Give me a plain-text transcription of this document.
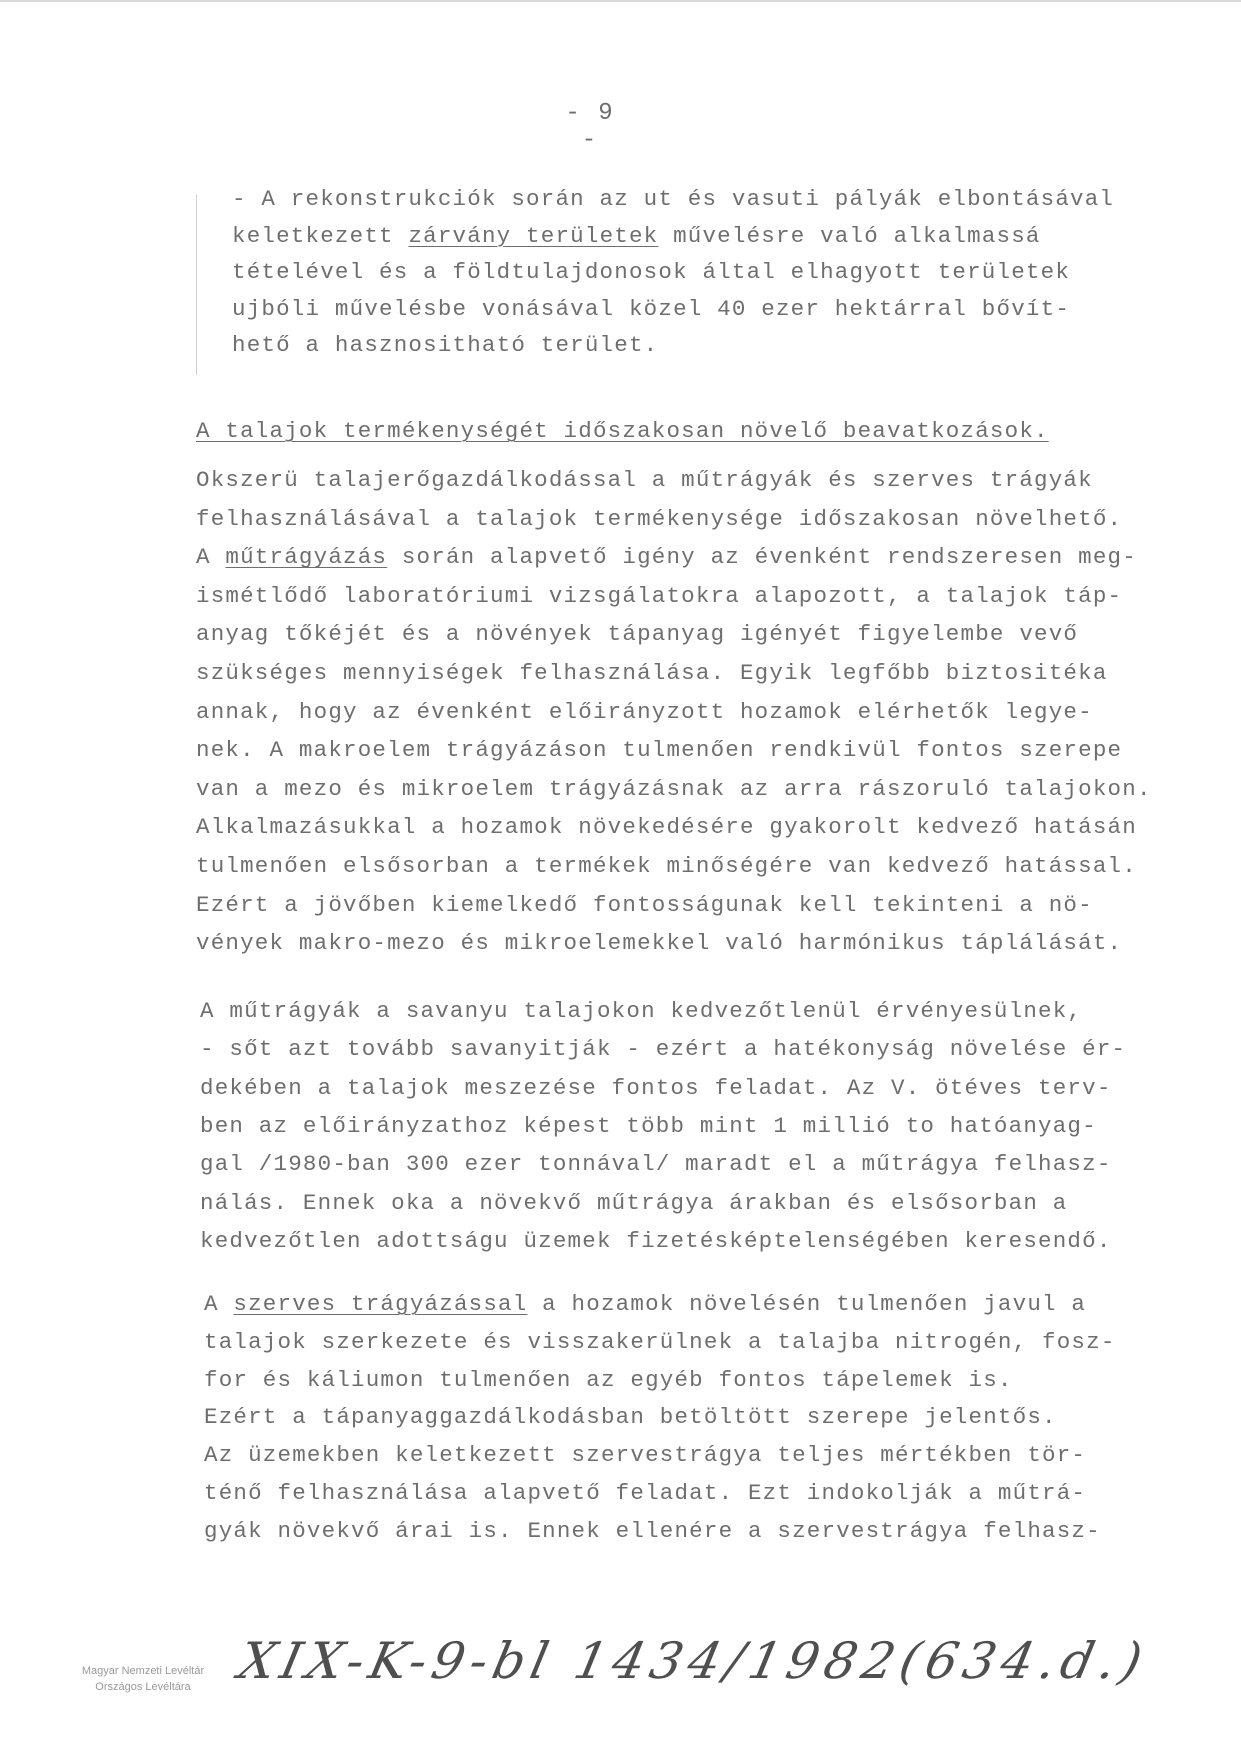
- 9 -
- A rekonstrukciók során az ut és vasuti pályák elbontásával
keletkezett zárvány területek művelésre való alkalmassá
tételével és a földtulajdonosok által elhagyott területek
ujbóli művelésbe vonásával közel 40 ezer hektárral bővít-
hető a hasznositható terület.
A talajok termékenységét időszakosan növelő beavatkozások.
Okszerü talajerőgazdálkodással a műtrágyák és szerves trágyák
felhasználásával a talajok termékenysége időszakosan növelhető.
A műtrágyázás során alapvető igény az évenként rendszeresen meg-
ismétlődő laboratóriumi vizsgálatokra alapozott, a talajok táp-
anyag tőkéjét és a növények tápanyag igényét figyelembe vevő
szükséges mennyiségek felhasználása. Egyik legfőbb biztositéka
annak, hogy az évenként előirányzott hozamok elérhetők legye-
nek. A makroelem trágyázáson tulmenően rendkivül fontos szerepe
van a mezo és mikroelem trágyázásnak az arra rászoruló talajokon.
Alkalmazásukkal a hozamok növekedésére gyakorolt kedvező hatásán
tulmenően elsősorban a termékek minőségére van kedvező hatással.
Ezért a jövőben kiemelkedő fontosságunak kell tekinteni a nö-
vények makro-mezo és mikroelemekkel való harmónikus táplálását.
A műtrágyák a savanyu talajokon kedvezőtlenül érvényesülnek,
- sőt azt tovább savanyitják - ezért a hatékonyság növelése ér-
dekében a talajok meszezése fontos feladat. Az V. ötéves terv-
ben az előirányzathoz képest több mint 1 millió to hatóanyag-
gal /1980-ban 300 ezer tonnával/ maradt el a műtrágya felhasz-
nálás. Ennek oka a növekvő műtrágya árakban és elsősorban a
kedvezőtlen adottságu üzemek fizetésképtelenségében keresendő.
A szerves trágyázással a hozamok növelésén tulmenően javul a
talajok szerkezete és visszakerülnek a talajba nitrogén, fosz-
for és káliumon tulmenően az egyéb fontos tápelemek is.
Ezért a tápanyaggazdálkodásban betöltött szerepe jelentős.
Az üzemekben keletkezett szervestrágya teljes mértékben tör-
ténő felhasználása alapvető feladat. Ezt indokolják a műtrá-
gyák növekvő árai is. Ennek ellenére a szervestrágya felhasz-
Magyar Nemzeti Levéltár
Országos Levéltára XIX-K-9-bl 1434/1982(634.d.)
